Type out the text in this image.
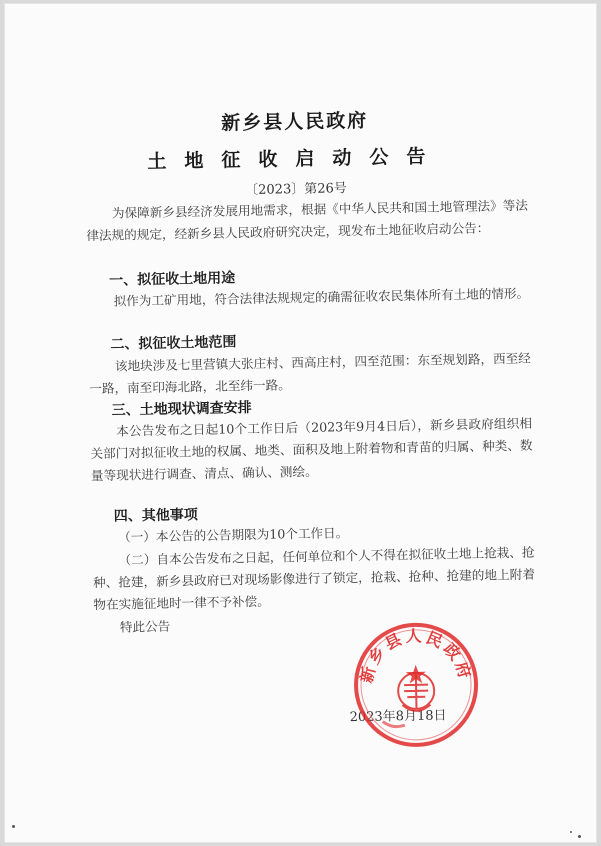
新乡县人民政府
土地征收启动公告
〔2023〕第26号
为保障新乡县经济发展用地需求，根据《中华人民共和国土地管理法》等法律法规的规定，经新乡县人民政府研究决定，现发布土地征收启动公告：
一、拟征收土地用途
拟作为工矿用地，符合法律法规规定的确需征收农民集体所有土地的情形。
二、拟征收土地范围
该地块涉及七里营镇大张庄村、西高庄村，四至范围：东至规划路，西至经一路，南至印海北路，北至纬一路。
三、土地现状调查安排
本公告发布之日起10个工作日后（2023年9月4日后），新乡县政府组织相关部门对拟征收土地的权属、地类、面积及地上附着物和青苗的归属、种类、数量等现状进行调查、清点、确认、测绘。
四、其他事项
（一）本公告的公告期限为10个工作日。
（二）自本公告发布之日起，任何单位和个人不得在拟征收土地上抢栽、抢种、抢建，新乡县政府已对现场影像进行了锁定，抢栽、抢种、抢建的地上附着物在实施征地时一律不予补偿。
特此公告
2023年8月18日
新乡县人民政府
